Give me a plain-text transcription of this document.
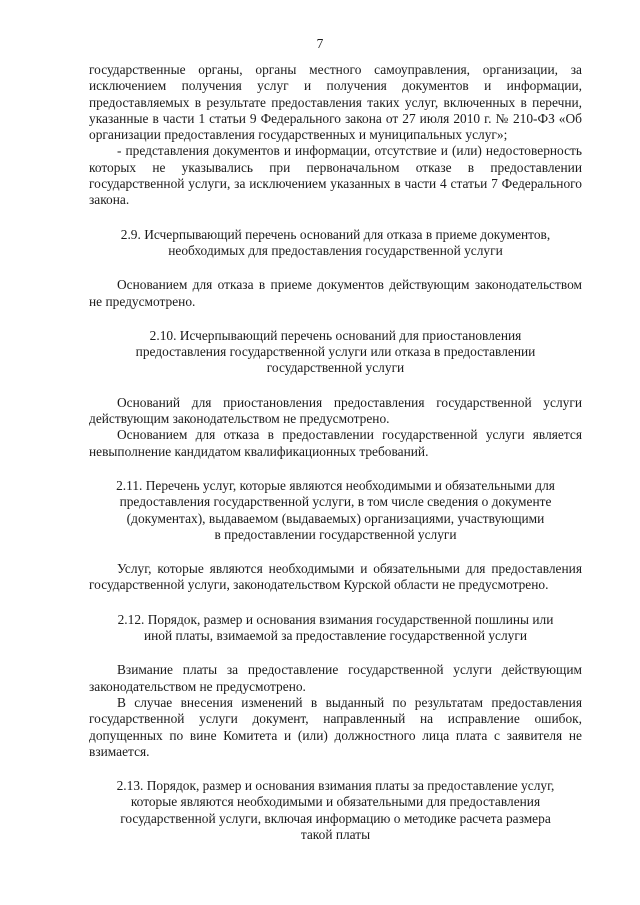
7

государственные органы, органы местного самоуправления, организации, за исключением получения услуг и получения документов и информации, предоставляемых в результате предоставления таких услуг, включенных в перечни, указанные в части 1 статьи 9 Федерального закона от 27 июля 2010 г. № 210-ФЗ «Об организации предоставления государственных и муниципальных услуг»;

- представления документов и информации, отсутствие и (или) недостоверность которых не указывались при первоначальном отказе в предоставлении государственной услуги, за исключением указанных в части 4 статьи 7 Федерального закона.

2.9. Исчерпывающий перечень оснований для отказа в приеме документов,
необходимых для предоставления государственной услуги

Основанием для отказа в приеме документов действующим законодательством не предусмотрено.

2.10. Исчерпывающий перечень оснований для приостановления
предоставления государственной услуги или отказа в предоставлении
государственной услуги

Оснований для приостановления предоставления государственной услуги действующим законодательством не предусмотрено.

Основанием для отказа в предоставлении государственной услуги является невыполнение кандидатом квалификационных требований.

2.11. Перечень услуг, которые являются необходимыми и обязательными для
предоставления государственной услуги, в том числе сведения о документе
(документах), выдаваемом (выдаваемых) организациями, участвующими
в предоставлении государственной услуги

Услуг, которые являются необходимыми и обязательными для предоставления государственной услуги, законодательством Курской области не предусмотрено.

2.12. Порядок, размер и основания взимания государственной пошлины или
иной платы, взимаемой за предоставление государственной услуги

Взимание платы за предоставление государственной услуги действующим законодательством не предусмотрено.

В случае внесения изменений в выданный по результатам предоставления государственной услуги документ, направленный на исправление ошибок, допущенных по вине Комитета и (или) должностного лица плата с заявителя не взимается.

2.13. Порядок, размер и основания взимания платы за предоставление услуг,
которые являются необходимыми и обязательными для предоставления
государственной услуги, включая информацию о методике расчета размера
такой платы
